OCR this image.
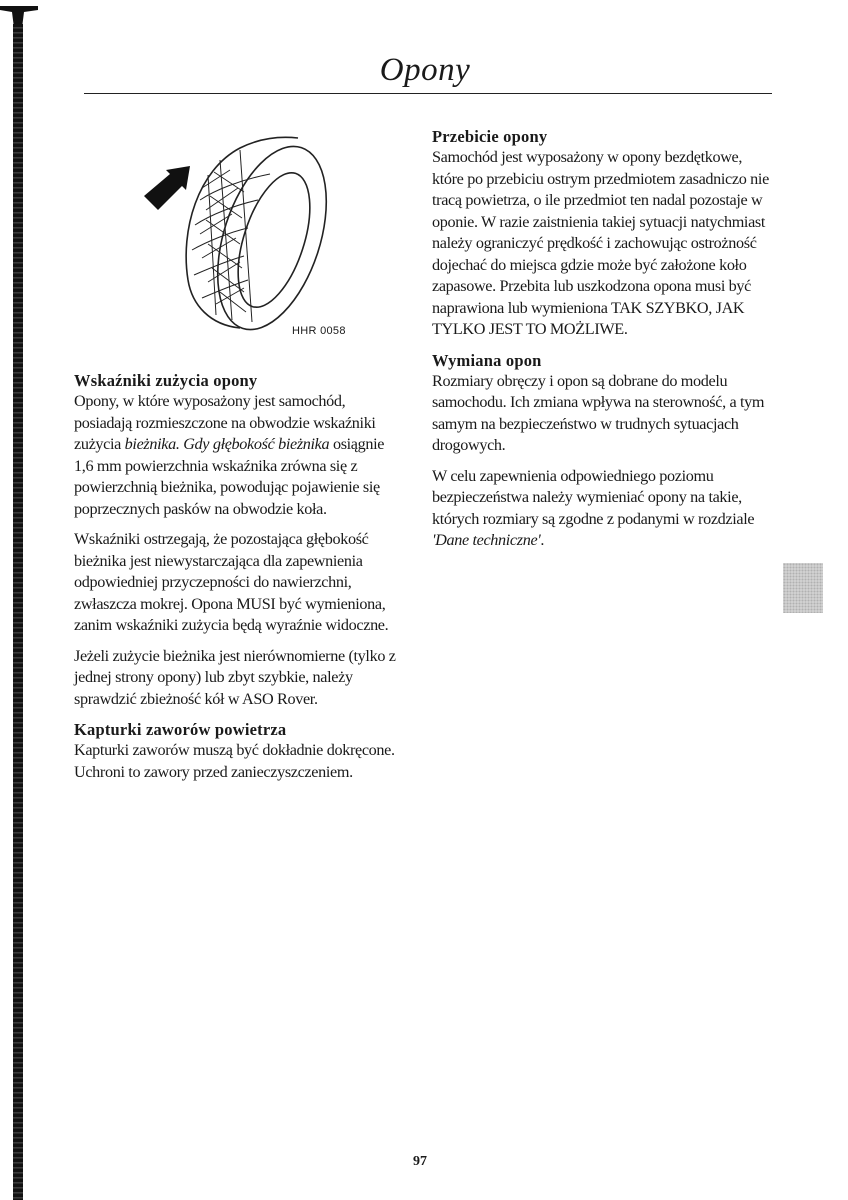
Opony
HHR 0058
Wskaźniki zużycia opony

Opony, w które wyposażony jest samochód, posiadają rozmieszczone na obwodzie wskaźniki zużycia bieżnika. Gdy głębokość bieżnika osiągnie 1,6 mm powierzchnia wskaźnika zrówna się z powierzchnią bieżnika, powodując pojawienie się poprzecznych pasków na obwodzie koła.

Wskaźniki ostrzegają, że pozostająca głębokość bieżnika jest niewystarczająca dla zapewnienia odpowiedniej przyczepności do nawierzchni, zwłaszcza mokrej. Opona MUSI być wymieniona, zanim wskaźniki zużycia będą wyraźnie widoczne.

Jeżeli zużycie bieżnika jest nierównomierne (tylko z jednej strony opony) lub zbyt szybkie, należy sprawdzić zbieżność kół w ASO Rover.

Kapturki zaworów powietrza

Kapturki zaworów muszą być dokładnie dokręcone. Uchroni to zawory przed zanieczyszczeniem.

Przebicie opony

Samochód jest wyposażony w opony bezdętkowe, które po przebiciu ostrym przedmiotem zasadniczo nie tracą powietrza, o ile przedmiot ten nadal pozostaje w oponie. W razie zaistnienia takiej sytuacji natychmiast należy ograniczyć prędkość i zachowując ostrożność dojechać do miejsca gdzie może być założone koło zapasowe. Przebita lub uszkodzona opona musi być naprawiona lub wymieniona TAK SZYBKO, JAK TYLKO JEST TO MOŻLIWE.

Wymiana opon

Rozmiary obręczy i opon są dobrane do modelu samochodu. Ich zmiana wpływa na sterowność, a tym samym na bezpieczeństwo w trudnych sytuacjach drogowych.

W celu zapewnienia odpowiedniego poziomu bezpieczeństwa należy wymieniać opony na takie, których rozmiary są zgodne z podanymi w rozdziale 'Dane techniczne'.

97
